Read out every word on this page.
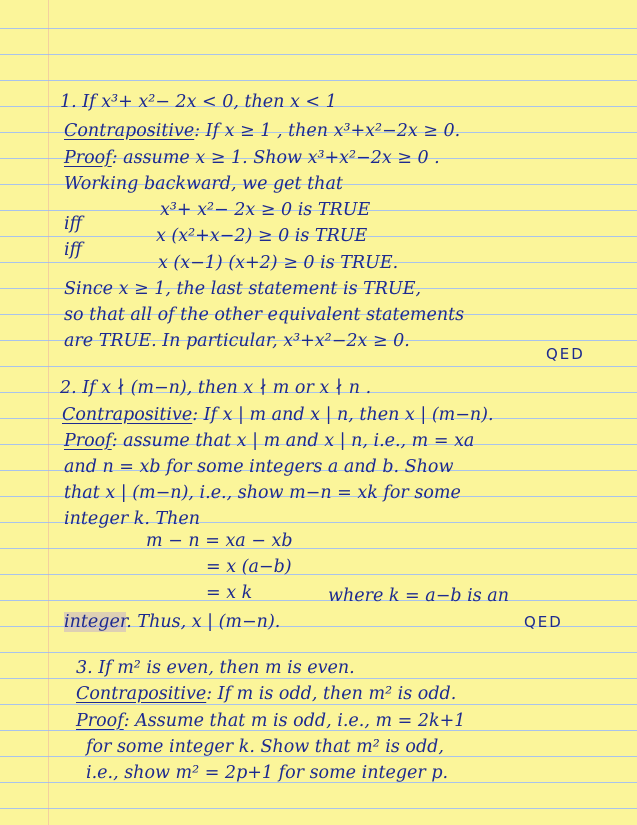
1. If x³+ x²− 2x < 0, then x < 1
Contrapositive: If x ≥ 1 , then x³+x²−2x ≥ 0.
Proof: assume x ≥ 1. Show x³+x²−2x ≥ 0 .
Working backward, we get that
x³+ x²− 2x ≥ 0 is TRUE
iff
x (x²+x−2) ≥ 0 is TRUE
iff
x (x−1) (x+2) ≥ 0 is TRUE.
Since x ≥ 1, the last statement is TRUE,
so that all of the other equivalent statements
are TRUE. In particular, x³+x²−2x ≥ 0.
QED
2. If x ∤ (m−n), then x ∤ m or x ∤ n .
Contrapositive: If x | m and x | n, then x | (m−n).
Proof: assume that x | m and x | n, i.e., m = xa
and n = xb for some integers a and b. Show
that x | (m−n), i.e., show m−n = xk for some
integer k. Then
m − n = xa − xb
= x (a−b)
= x k	where k = a−b is an
integer. Thus, x | (m−n).	QED
3. If m² is even, then m is even.
Contrapositive: If m is odd, then m² is odd.
Proof: Assume that m is odd, i.e., m = 2k+1
for some integer k. Show that m² is odd,
i.e., show m² = 2p+1 for some integer p.
